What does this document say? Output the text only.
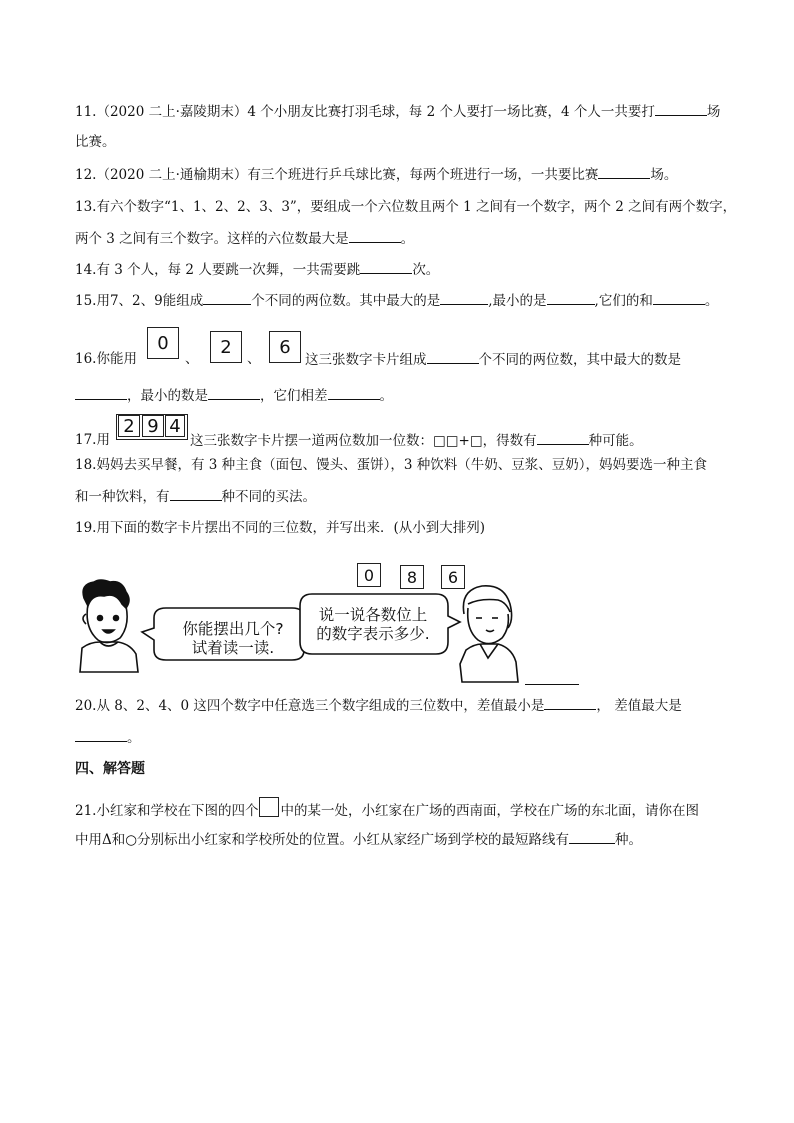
11.（2020 二上·嘉陵期末）4 个小朋友比赛打羽毛球，每 2 个人要打一场比赛，4 个人一共要打	场
比赛。
12.（2020 二上·通榆期末）有三个班进行乒乓球比赛，每两个班进行一场，一共要比赛	场。
13.有六个数字“1、1、2、2、3、3”，要组成一个六位数且两个 1 之间有一个数字，两个 2 之间有两个数字，
两个 3 之间有三个数字。这样的六位数最大是	。
14.有 3 个人，每 2 人要跳一次舞，一共需要跳	次。
15.用7、2、9能组成	个不同的两位数。其中最大的是	,最小的是	,它们的和	。
0	2	6
16.你能用	、	、	这三张数字卡片组成	个不同的两位数，其中最大的数是
，最小的数是	，它们相差	。
2 9 4
17.用	这三张数字卡片摆一道两位数加一位数：□□+□，得数有	种可能。
18.妈妈去买早餐，有 3 种主食（面包、馒头、蛋饼），3 种饮料（牛奶、豆浆、豆奶），妈妈要选一种主食
和一种饮料，有	种不同的买法。
19.用下面的数字卡片摆出不同的三位数，并写出来．(从小到大排列)
0 8 6
你能摆出几个?
试着读一读.
说一说各数位上
的数字表示多少.
20.从 8、2、4、0 这四个数字中任意选三个数字组成的三位数中，差值最小是	， 差值最大是
。
四、解答题
21.小红家和学校在下图的四个 中的某一处，小红家在广场的西南面，学校在广场的东北面，请你在图
中用Δ和○分别标出小红家和学校所处的位置。小红从家经广场到学校的最短路线有	种。
